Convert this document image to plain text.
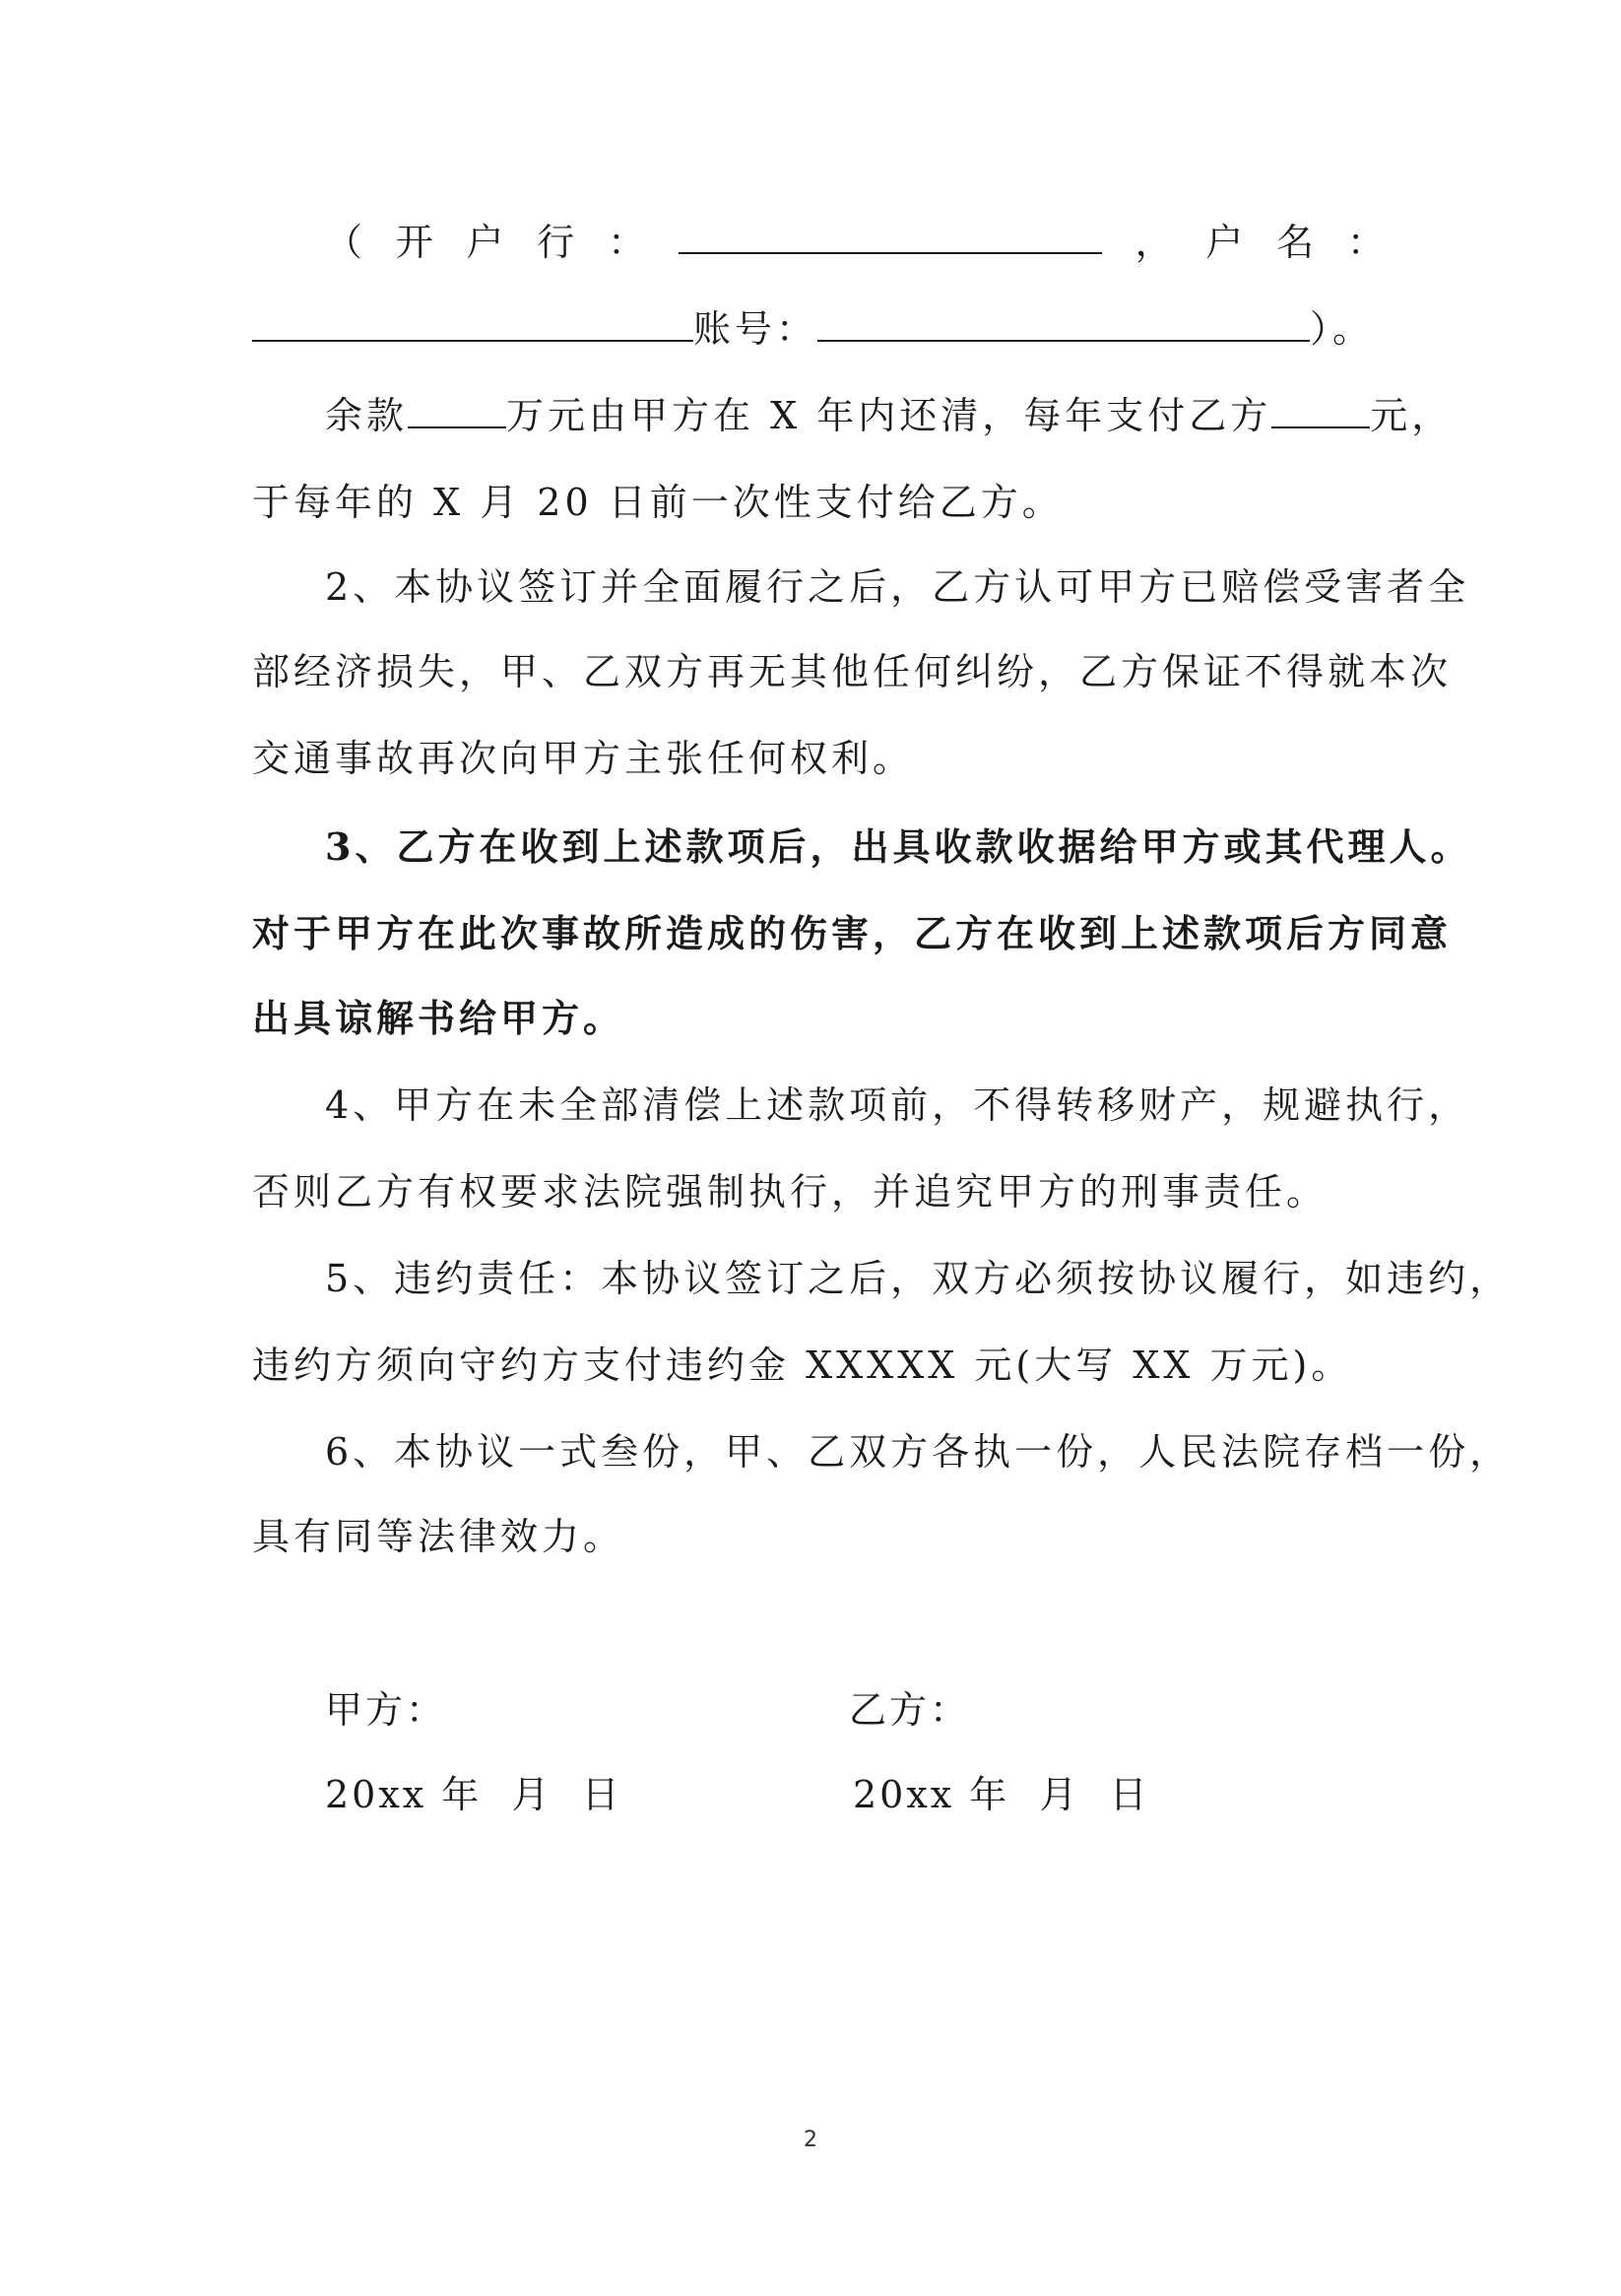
（ 开 户 行 ：	， 户 名 ：
账号：	）。
余款	万元由甲方在 X 年内还清，每年支付乙方	元，
于每年的 X 月 20 日前一次性支付给乙方。
2、本协议签订并全面履行之后，乙方认可甲方已赔偿受害者全
部经济损失，甲、乙双方再无其他任何纠纷，乙方保证不得就本次
交通事故再次向甲方主张任何权利。
3、乙方在收到上述款项后，出具收款收据给甲方或其代理人。
对于甲方在此次事故所造成的伤害，乙方在收到上述款项后方同意
出具谅解书给甲方。
4、甲方在未全部清偿上述款项前，不得转移财产，规避执行，
否则乙方有权要求法院强制执行，并追究甲方的刑事责任。
5、违约责任：本协议签订之后，双方必须按协议履行，如违约，
违约方须向守约方支付违约金 XXXXX 元(大写 XX 万元)。
6、本协议一式叁份，甲、乙双方各执一份，人民法院存档一份，
具有同等法律效力。
甲方：	乙方：
20xx 年  月  日	20xx 年  月  日
2
